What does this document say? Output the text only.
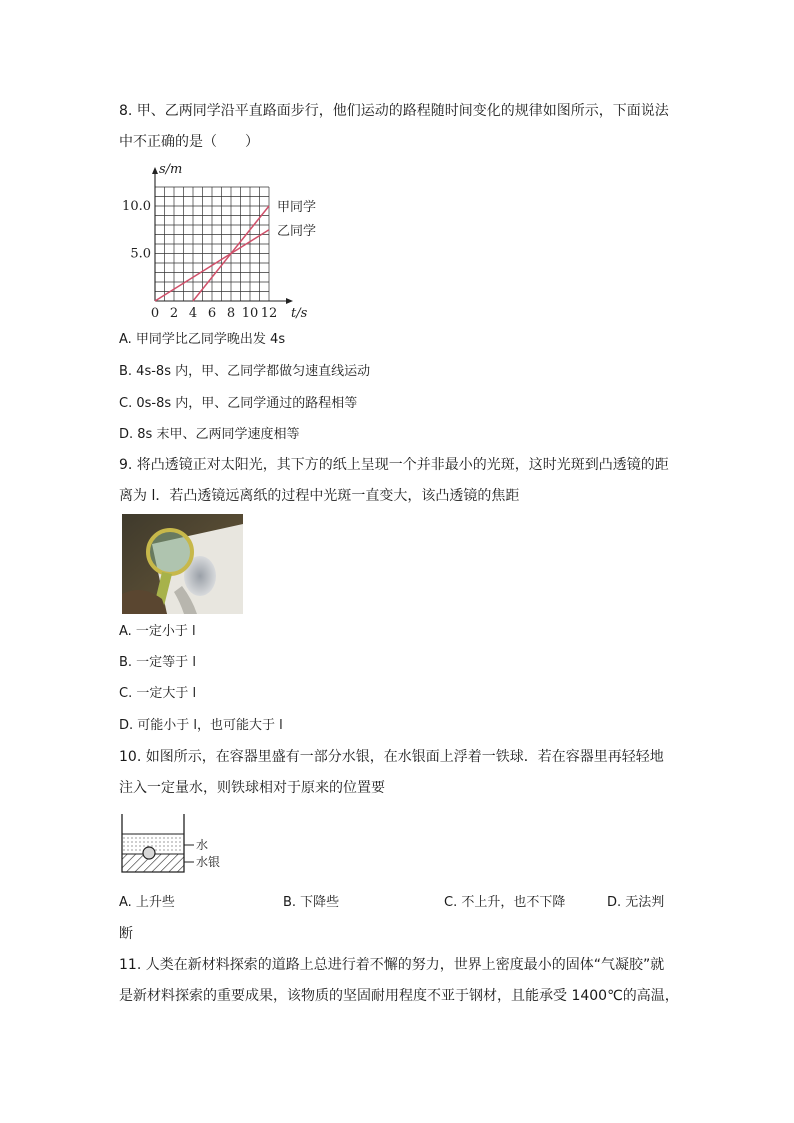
8. 甲、乙两同学沿平直路面步行，他们运动的路程随时间变化的规律如图所示，下面说法
中不正确的是（　　）
甲同学
乙同学
0 2 4 6 8 10 12
5.0
10.0
t/s
s/m
A. 甲同学比乙同学晚出发 4s
B. 4s-8s 内，甲、乙同学都做匀速直线运动
C. 0s-8s 内，甲、乙同学通过的路程相等
D. 8s 末甲、乙两同学速度相等
9. 将凸透镜正对太阳光，其下方的纸上呈现一个并非最小的光斑，这时光斑到凸透镜的距
离为 l．若凸透镜远离纸的过程中光斑一直变大，该凸透镜的焦距
A. 一定小于 l
B. 一定等于 l
C. 一定大于 l
D. 可能小于 l，也可能大于 l
10. 如图所示，在容器里盛有一部分水银，在水银面上浮着一铁球．若在容器里再轻轻地
注入一定量水，则铁球相对于原来的位置要
水
水银
A. 上升些	B. 下降些	C. 不上升，也不下降	D. 无法判
断
11. 人类在新材料探索的道路上总进行着不懈的努力，世界上密度最小的固体“气凝胶”就
是新材料探索的重要成果，该物质的坚固耐用程度不亚于钢材，且能承受 1400℃的高温，
